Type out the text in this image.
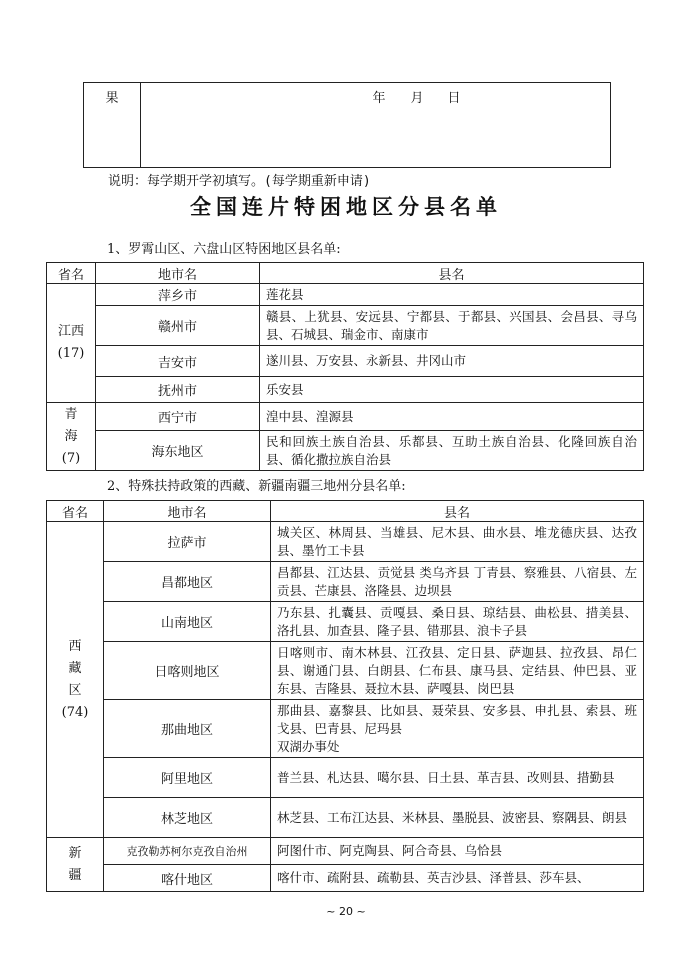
果	年 月 日
说明：每学期开学初填写。(每学期重新申请)
全国连片特困地区分县名单
1、罗霄山区、六盘山区特困地区县名单:
省名	地市名	县名

江西
(17)	萍乡市	莲花县
	赣州市	赣县、上犹县、安远县、宁都县、于都县、兴国县、会昌县、寻乌县、石城县、瑞金市、南康市
	吉安市	遂川县、万安县、永新县、井冈山市
	抚州市	乐安县

青
海
(7)	西宁市	湟中县、湟源县
	海东地区	民和回族土族自治县、乐都县、互助土族自治县、化隆回族自治县、循化撒拉族自治县
2、特殊扶持政策的西藏、新疆南疆三地州分县名单:
省名	地市名	县名

西
藏
区
(74)	拉萨市	城关区、林周县、当雄县、尼木县、曲水县、堆龙德庆县、达孜县、墨竹工卡县
	昌都地区	昌都县、江达县、贡觉县 类乌齐县 丁青县、察雅县、八宿县、左贡县、芒康县、洛隆县、边坝县
	山南地区	乃东县、扎囊县、贡嘎县、桑日县、琼结县、曲松县、措美县、洛扎县、加查县、隆子县、错那县、浪卡子县
	日喀则地区	日喀则市、南木林县、江孜县、定日县、萨迦县、拉孜县、昂仁县、谢通门县、白朗县、仁布县、康马县、定结县、仲巴县、亚东县、吉隆县、聂拉木县、萨嘎县、岗巴县
	那曲地区	那曲县、嘉黎县、比如县、聂荣县、安多县、申扎县、索县、班戈县、巴青县、尼玛县
双湖办事处
	阿里地区	普兰县、札达县、噶尔县、日土县、革吉县、改则县、措勤县
	林芝地区	林芝县、工布江达县、米林县、墨脱县、波密县、察隅县、朗县

新
疆	克孜勒苏柯尔克孜自治州	阿图什市、阿克陶县、阿合奇县、乌恰县
	喀什地区	喀什市、疏附县、疏勒县、英吉沙县、泽普县、莎车县、
~ 20 ~
